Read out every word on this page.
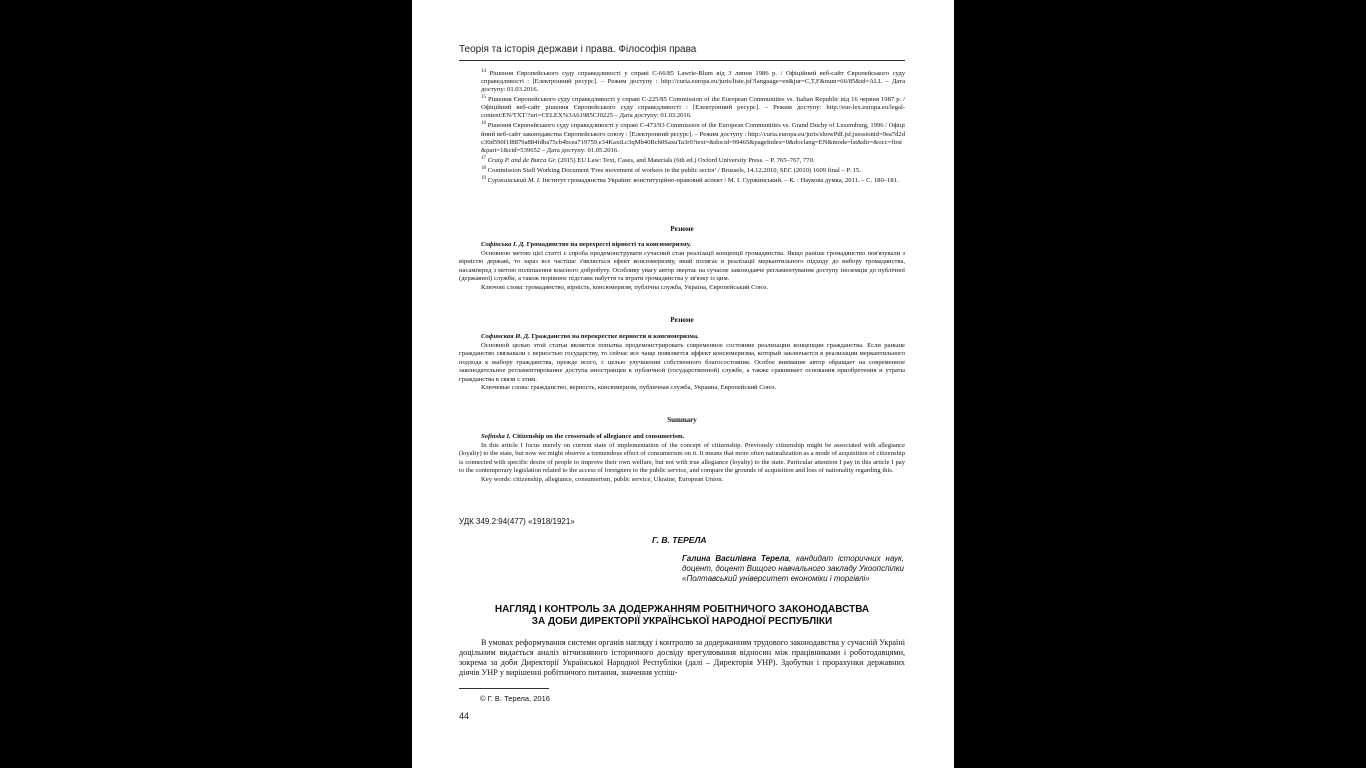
Теорія та історія держави і права. Філософія права
$^{14}$ Рішення Європейського суду справедливості у справі С-66/85 Lawrie-Blum від 3 липня 1986 р. / Офіційний веб-сайт Європейського суду справедливості : [Електронний ресурс]. – Режим доступу : http://curia.europa.eu/juris/liste.jsf?language=en&jur=C,T,F&num=66/85&td=ALL – Дата доступу: 01.03.2016.
$^{15}$ Рішення Європейського суду справедливості у справі С-225/85 Commission of the European Communities vs. Italian Republic від 16 червня 1987 р. / Офіційний веб-сайт рішення Європейського суду справедливості : [Електронний ресурс]. – Режим доступу: http://eur-lex.europa.eu/legal-content/EN/TXT/?uri=CELEX%3A61985CJ0225 – Дата доступу: 01.03.2016.
$^{16}$ Рішення Європейського суду справедливості у справі С-473/93 Commission of the European Communities vs. Grand Duchy of Luxemburg, 1996 / Офіційний веб-сайт законодавства Європейського союзу : [Електронний ресурс]. – Режим доступу : http://curia.europa.eu/juris/showPdf.jsf;jsessionid=9ea7d2dc30d590f1f8879a884fdba75cb4bcea719759.e34KaxiLc3qMb40Rch0SaxuTa3r0?text=&docid=99465&pageIndex=0&doclang=EN&mode=lst&dir=&occ=first&part=1&cid=539652 – Дата доступу: 01.05.2016.
$^{17}$ Craig P. and de Burca Gr. (2015) EU Law: Text, Cases, and Materials (6th ed.) Oxford University Press. – P. 765–767, 770.
$^{18}$ Commission Staff Working Document 'Free movement of workers in the public sector' / Brussels, 14.12.2010, SEC (2010) 1609 final – P. 15.
$^{19}$ Суржинський М. І. Інститут громадянства України: конституційно-правовий аспект / М. І. Суржинський. – К. : Наукова думка, 2011. – С. 180–181.
Резюме
Софінська І. Д. Громадянство на перехресті вірності та консюмеризму.
Основною метою цієї статті є спроба продемонструвати сучасний стан реалізації концепції громадянства. Якщо раніше громадянство пов'язували з вірністю державі, то зараз все частіше з'являється ефект консюмеризму, який полягає в реалізації меркантильного підходу до вибору громадянства, насамперед з метою поліпшення власного добробуту. Особливу увагу автор звертає на сучасне законодавче регламентування доступу іноземців до публічної (державної) служби, а також порівнює підстави набуття та втрати громадянства у зв'язку із цим.
Ключові слова: громадянство, вірність, консюмеризм, публічна служба, Україна, Європейський Союз.
Резюме
Софинская И. Д. Гражданство на перекрестке верности и консюмеризма.
Основной целью этой статьи является попытка продемонстрировать современное состояние реализации концепции гражданства. Если раньше гражданство связывали с верностью государству, то сейчас все чаще появляется эффект консюмеризма, который заключается в реализации меркантильного подхода к выбору гражданства, прежде всего, с целью улучшения собственного благосостояния. Особое внимание автор обращает на современное законодательное регламентирование доступа иностранцев к публичной (государственной) службе, а также сравнивает основания приобретения и утраты гражданства в связи с этим.
Ключевые слова: гражданство, верность, консюмеризм, публичная служба, Украина, Европейский Союз.
Summary
Sofinska I. Citizenship on the crossroads of allegiance and consumerism.
In this article I focus merely on current state of implementation of the concept of citizenship. Previously citizenship might be associated with allegiance (loyalty) to the state, but now we might observe a tremendous effect of consumerism on it. It means that more often naturalization as a mode of acquisition of citizenship is connected with specific desire of people to improve their own welfare, but not with true allegiance (loyalty) to the state. Particular attention I pay in this article I pay to the contemporary legislation related to the access of foreigners to the public service, and compare the grounds of acquisition and loss of nationality regarding this.
Key words: citizenship, allegiance, consumerism, public service, Ukraine, European Union.
УДК 349.2:94(477) «1918/1921»
Г. В. ТЕРЕЛА
Галина Василівна Терела, кандидат історичних наук, доцент, доцент Вищого навчального закладу Укоопспілки «Полтавський університет економіки і торгівлі»
НАГЛЯД І КОНТРОЛЬ ЗА ДОДЕРЖАННЯМ РОБІТНИЧОГО ЗАКОНОДАВСТВА
ЗА ДОБИ ДИРЕКТОРІЇ УКРАЇНСЬКОЇ НАРОДНОЇ РЕСПУБЛІКИ
В умовах реформування системи органів нагляду і контролю за додержанням трудового законодавства у сучасній Україні доцільним видається аналіз вітчизняного історичного досвіду врегулювання відносин між працівниками і роботодавцями, зокрема за доби Директорії Української Народної Республіки (далі – Директорія УНР). Здобутки і прорахунки державних діячів УНР у вирішенні робітничого питання, значення успіш-
© Г. В. Терела, 2016
44
